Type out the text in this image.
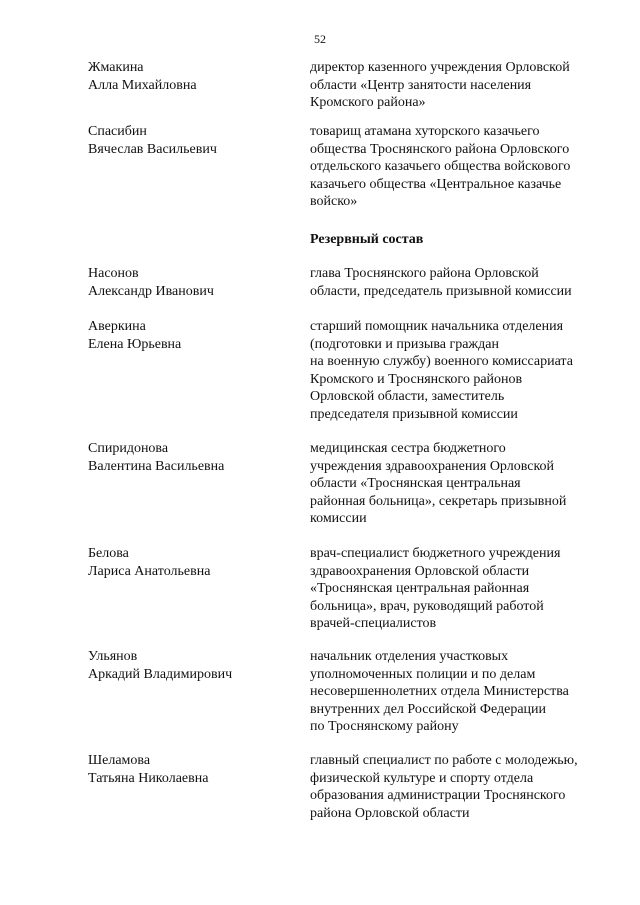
52
Жмакина
Алла Михайловна
директор казенного учреждения Орловской
области «Центр занятости населения
Кромского района»
Спасибин
Вячеслав Васильевич
товарищ атамана хуторского казачьего
общества Троснянского района Орловского
отдельского казачьего общества войскового
казачьего общества «Центральное казачье
войско»
Резервный состав
Насонов
Александр Иванович
глава Троснянского района Орловской
области, председатель призывной комиссии
Аверкина
Елена Юрьевна
старший помощник начальника отделения
(подготовки и призыва граждан
на военную службу) военного комиссариата
Кромского и Троснянского районов
Орловской области, заместитель
председателя призывной комиссии
Спиридонова
Валентина Васильевна
медицинская сестра бюджетного
учреждения здравоохранения Орловской
области «Троснянская центральная
районная больница», секретарь призывной
комиссии
Белова
Лариса Анатольевна
врач-специалист бюджетного учреждения
здравоохранения Орловской области
«Троснянская центральная районная
больница», врач, руководящий работой
врачей-специалистов
Ульянов
Аркадий Владимирович
начальник отделения участковых
уполномоченных полиции и по делам
несовершеннолетних отдела Министерства
внутренних дел Российской Федерации
по Троснянскому району
Шеламова
Татьяна Николаевна
главный специалист по работе с молодежью,
физической культуре и спорту отдела
образования администрации Троснянского
района Орловской области
